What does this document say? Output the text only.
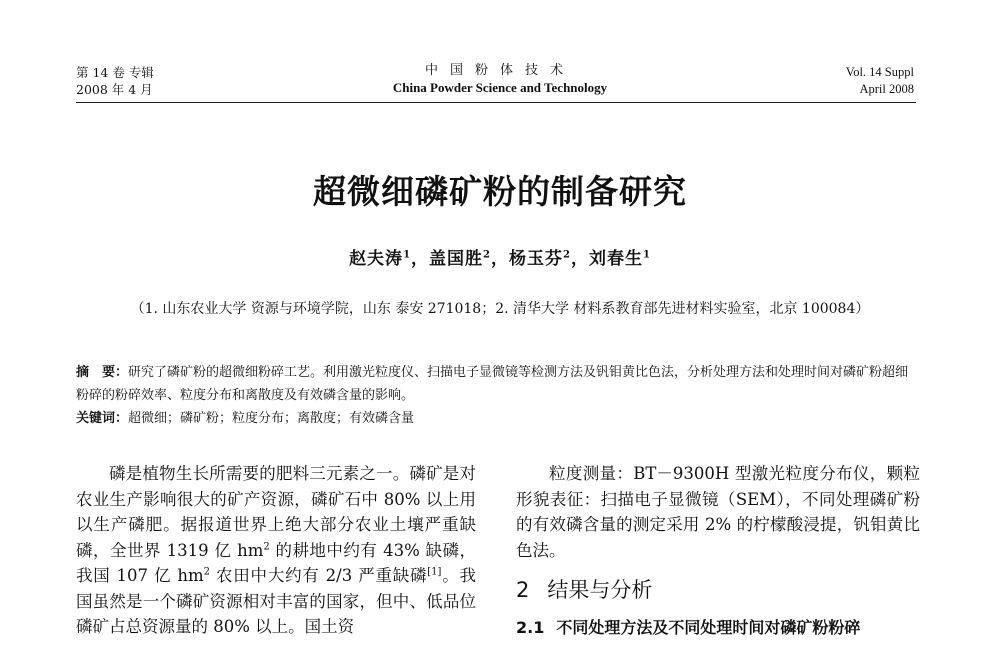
第 14 卷 专辑
2008 年 4 月
中国粉体技术
China Powder Science and Technology
Vol. 14 Suppl
April 2008
超微细磷矿粉的制备研究
赵夫涛$^1$，盖国胜$^2$，杨玉芬$^2$，刘春生$^1$
（1. 山东农业大学 资源与环境学院，山东 泰安 271018；2. 清华大学 材料系教育部先进材料实验室，北京 100084）

摘　要：研究了磷矿粉的超微细粉碎工艺。利用激光粒度仪、扫描电子显微镜等检测方法及钒钼黄比色法，分析处理方法和处理时间对磷矿粉超细粉碎的粉碎效率、粒度分布和离散度及有效磷含量的影响。

关键词：超微细；磷矿粉；粒度分布；离散度；有效磷含量

磷是植物生长所需要的肥料三元素之一。磷矿是对农业生产影响很大的矿产资源，磷矿石中 80% 以上用以生产磷肥。据报道世界上绝大部分农业土壤严重缺磷，全世界 1319 亿 $hm^2$ 的耕地中约有 43% 缺磷，我国 107 亿 $hm^2$ 农田中大约有 2/3 严重缺磷[1]。我国虽然是一个磷矿资源相对丰富的国家，但中、低品位磷矿占总资源量的 80% 以上。国土资

粒度测量：BT－9300H 型激光粒度分布仪，颗粒形貌表征：扫描电子显微镜（SEM），不同处理磷矿粉的有效磷含量的测定采用 2% 的柠檬酸浸提，钒钼黄比色法。

2 结果与分析

2.1 不同处理方法及不同处理时间对磷矿粉粉碎
